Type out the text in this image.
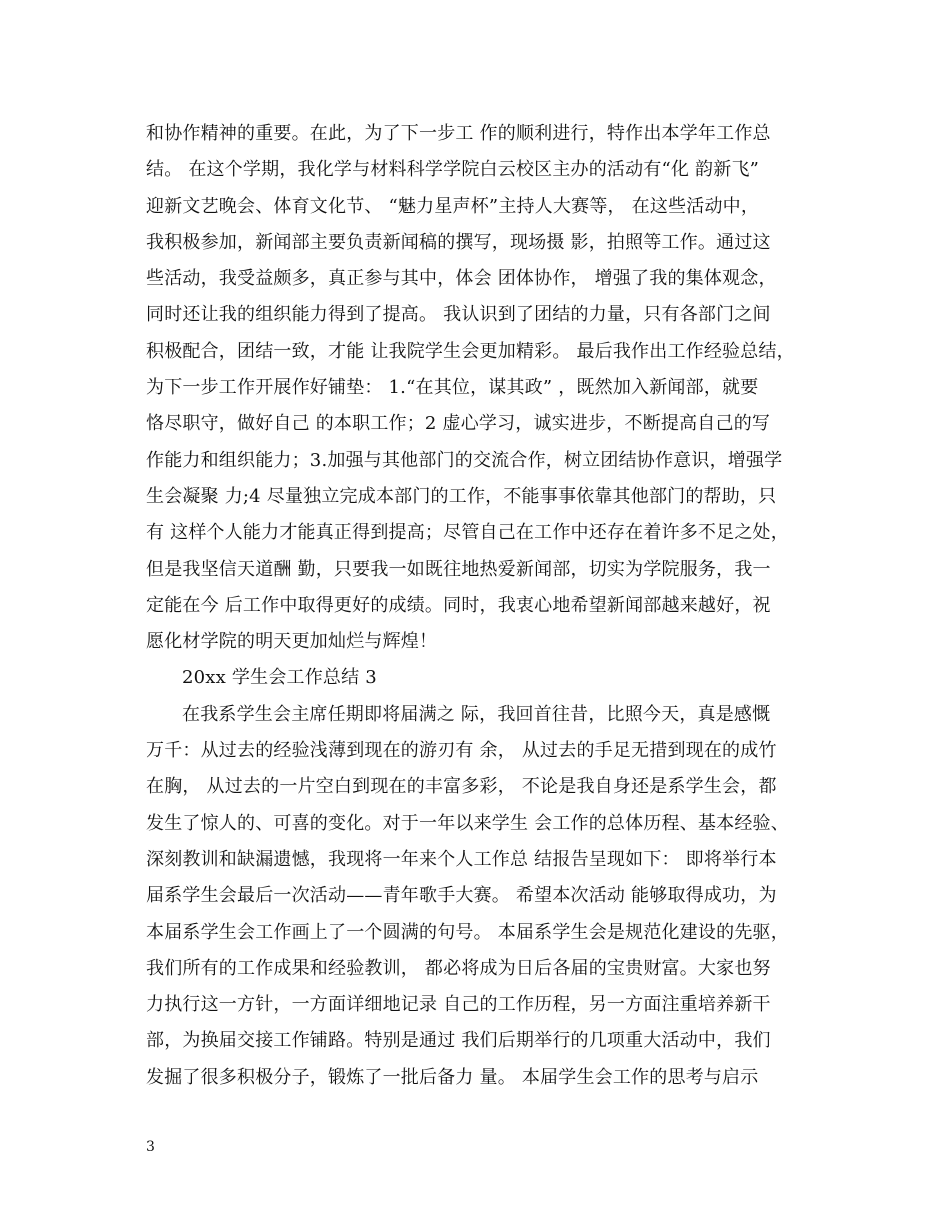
和协作精神的重要。在此，为了下一步工 作的顺利进行，特作出本学年工作总
结。 在这个学期，我化学与材料科学学院白云校区主办的活动有“化 韵新飞”
迎新文艺晚会、体育文化节、 “魅力星声杯”主持人大赛等， 在这些活动中，
我积极参加，新闻部主要负责新闻稿的撰写，现场摄 影，拍照等工作。通过这
些活动，我受益颇多，真正参与其中，体会 团体协作， 增强了我的集体观念，
同时还让我的组织能力得到了提高。 我认识到了团结的力量，只有各部门之间
积极配合，团结一致，才能 让我院学生会更加精彩。 最后我作出工作经验总结，
为下一步工作开展作好铺垫： 1.“在其位，谋其政” ，既然加入新闻部，就要
恪尽职守，做好自己 的本职工作；2 虚心学习，诚实进步，不断提高自己的写
作能力和组织能力；3.加强与其他部门的交流合作，树立团结协作意识，增强学
生会凝聚 力;4 尽量独立完成本部门的工作，不能事事依靠其他部门的帮助，只
有 这样个人能力才能真正得到提高；尽管自己在工作中还存在着许多不足之处，
但是我坚信天道酬 勤，只要我一如既往地热爱新闻部，切实为学院服务，我一
定能在今 后工作中取得更好的成绩。同时，我衷心地希望新闻部越来越好，祝
愿化材学院的明天更加灿烂与辉煌！
20xx 学生会工作总结 3
在我系学生会主席任期即将届满之 际，我回首往昔，比照今天，真是感慨
万千：从过去的经验浅薄到现在的游刃有 余， 从过去的手足无措到现在的成竹
在胸， 从过去的一片空白到现在的丰富多彩， 不论是我自身还是系学生会，都
发生了惊人的、可喜的变化。对于一年以来学生 会工作的总体历程、基本经验、
深刻教训和缺漏遗憾，我现将一年来个人工作总 结报告呈现如下： 即将举行本
届系学生会最后一次活动——青年歌手大赛。 希望本次活动 能够取得成功，为
本届系学生会工作画上了一个圆满的句号。 本届系学生会是规范化建设的先驱，
我们所有的工作成果和经验教训， 都必将成为日后各届的宝贵财富。大家也努
力执行这一方针，一方面详细地记录 自己的工作历程，另一方面注重培养新干
部，为换届交接工作铺路。特别是通过 我们后期举行的几项重大活动中，我们
发掘了很多积极分子，锻炼了一批后备力 量。 本届学生会工作的思考与启示
3
